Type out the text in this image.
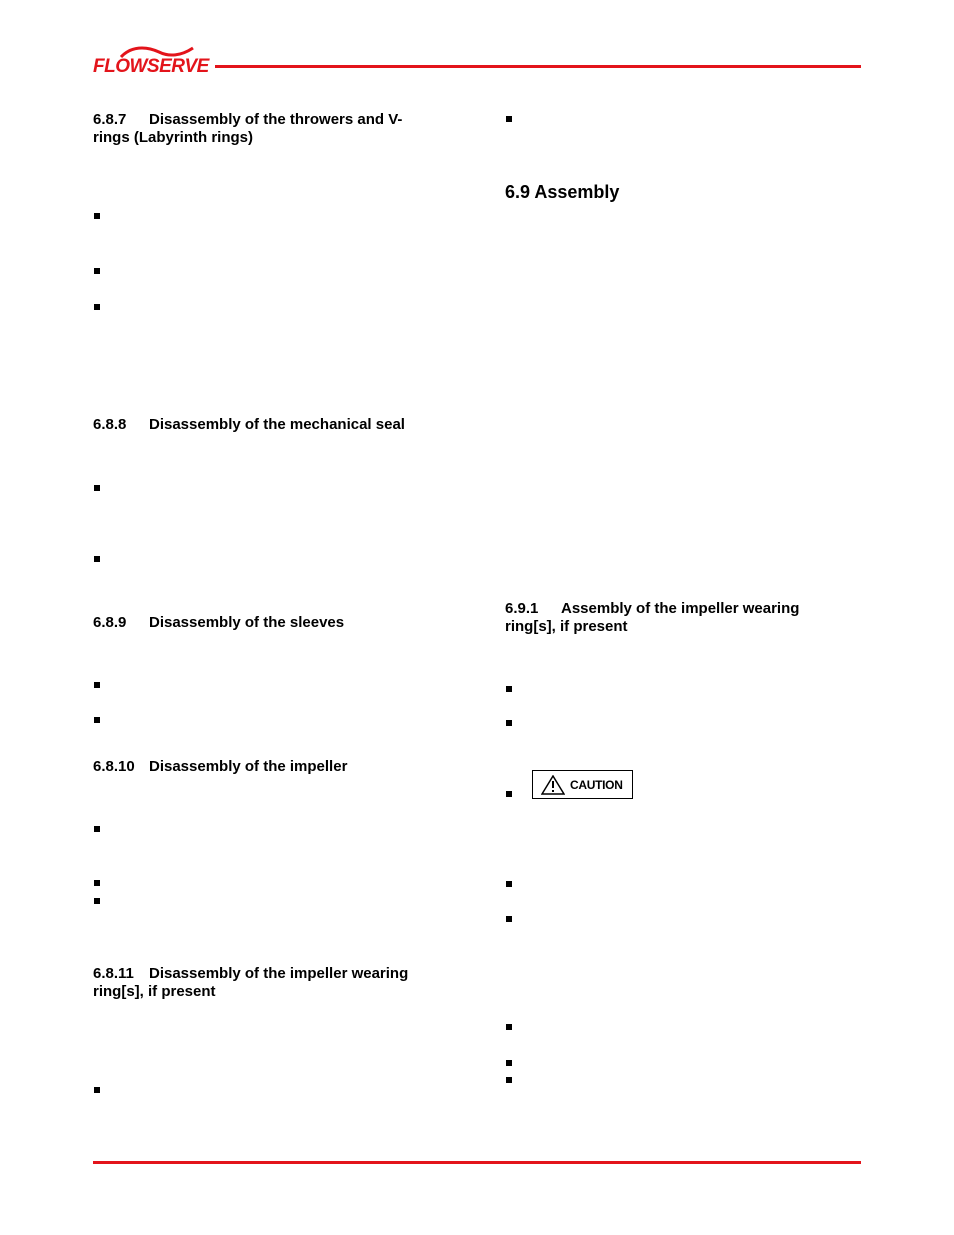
FLOWSERVE
6.8.7 Disassembly of the throwers and V-
rings (Labyrinth rings)
6.8.8 Disassembly of the mechanical seal
6.8.9 Disassembly of the sleeves
6.8.10 Disassembly of the impeller
6.8.11 Disassembly of the impeller wearing
ring[s], if present
6.9 Assembly
6.9.1 Assembly of the impeller wearing
ring[s], if present
CAUTION
